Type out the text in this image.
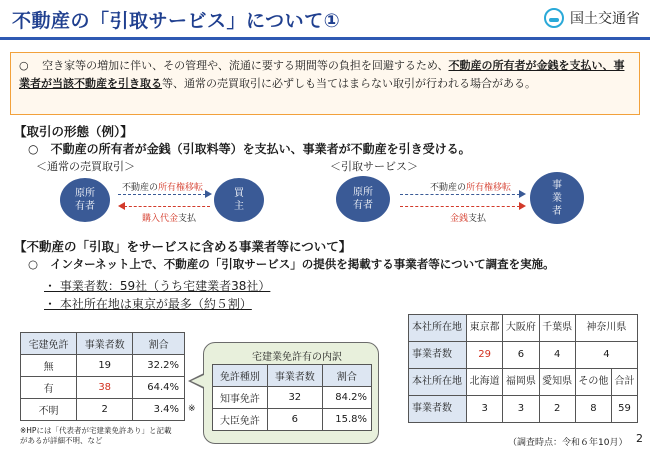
不動産の「引取サービス」について①	国土交通省
○ 空き家等の増加に伴い、その管理や、流通に要する期間等の負担を回避するため、不動産の所有者が金銭を支払い、事業者が当該不動産を引き取る等、通常の売買取引に必ずしも当てはまらない取引が行われる場合がある。
【取引の形態（例）】
○ 不動産の所有者が金銭（引取料等）を支払い、事業者が不動産を引き受ける。
＜通常の売買取引＞	＜引取サービス＞
原所
有者
買主
不動産の所有権移転
購入代金支払
原所有者
事業者
不動産の所有権移転
金銭支払
【不動産の「引取」をサービスに含める事業者等について】
○ インターネット上で、不動産の「引取サービス」の提供を掲載する事業者等について調査を実施。
・ 事業者数：59社（うち宅建業者38社）
・ 本社所在地は東京が最多（約５割）
宅建免許	事業者数	割合
無	19	32.2%
有	38	64.4%
不明	2	3.4% ※
※HPには「代表者が宅建業免許あり」と記載
があるが詳細不明、など
宅建業免許有の内訳
免許種別	事業者数	割合
知事免許	32	84.2%
大臣免許	6	15.8%
本社所在地	東京都	大阪府	千葉県	神奈川県	
事業者数	29	6	4	4	
本社所在地	北海道	福岡県	愛知県	その他	合計
事業者数	3	3	2	8	59
（調査時点：令和６年10月） 2
